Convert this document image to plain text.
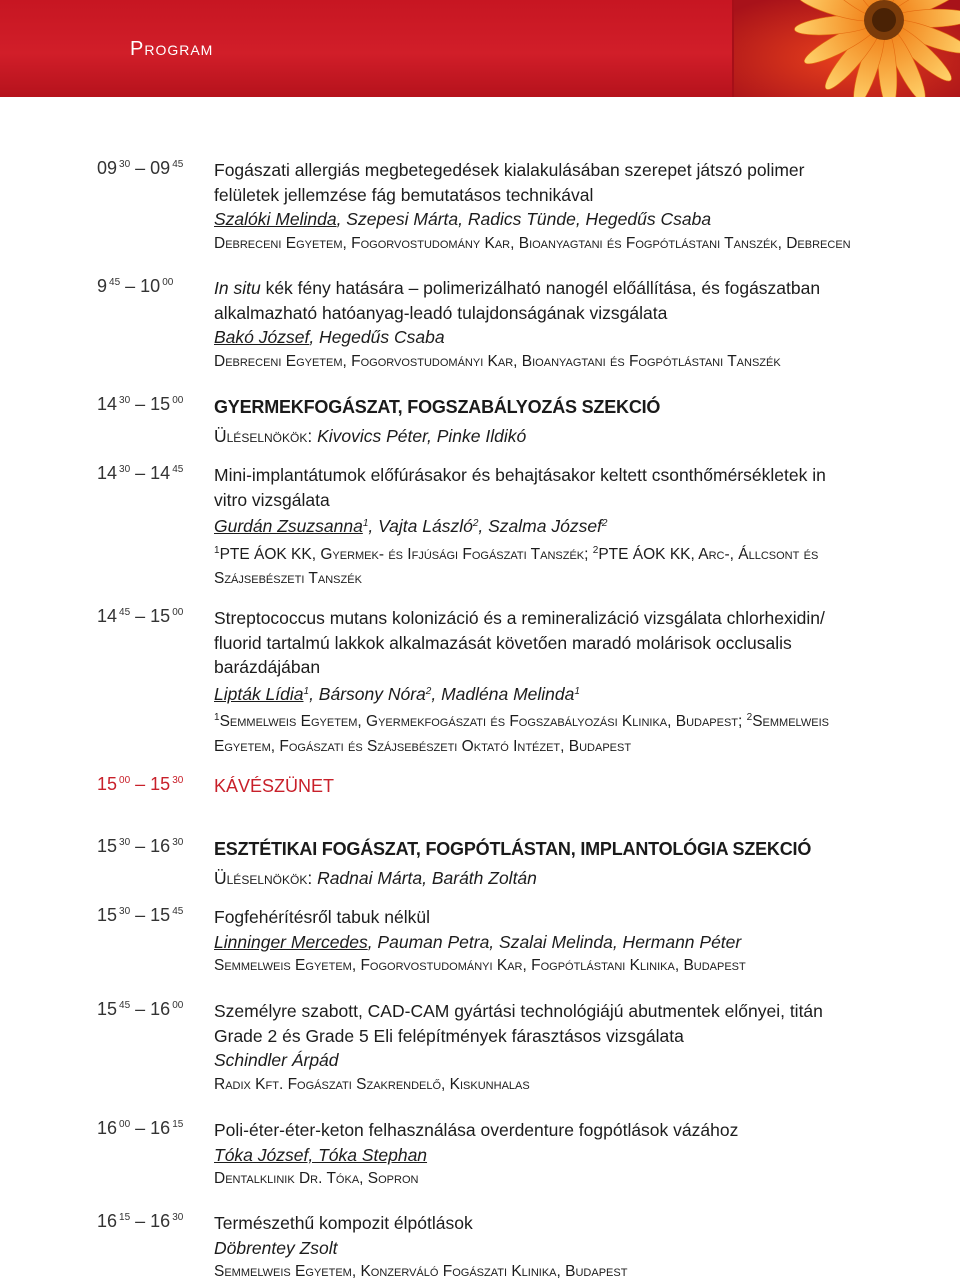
Program
09 $^{30}$ – 09 $^{45}$ Fogászati allergiás megbetegedések kialakulásában szerepet játszó polimer
felületek jellemzése fág bemutatásos technikával
Szalóki Melinda, Szepesi Márta, Radics Tünde, Hegedűs Csaba
Debreceni Egyetem, Fogorvostudomány Kar, Bioanyagtani és Fogpótlástani Tanszék, Debrecen
9 $^{45}$ – 10 $^{00}$ In situ kék fény hatására – polimerizálható nanogél előállítása, és fogászatban
alkalmazható hatóanyag-leadó tulajdonságának vizsgálata
Bakó József, Hegedűs Csaba
Debreceni Egyetem, Fogorvostudományi Kar, Bioanyagtani és Fogpótlástani Tanszék
14 $^{30}$ – 15 $^{00}$ GYERMEKFOGÁSZAT, FOGSZABÁLYOZÁS SZEKCIÓ
Üléselnökök: Kivovics Péter, Pinke Ildikó
14 $^{30}$ – 14 $^{45}$ Mini-implantátumok előfúrásakor és behajtásakor keltett csonthőmérsékletek in
vitro vizsgálata
Gurdán Zsuzsanna$^1$, Vajta László$^2$, Szalma József$^2$
$^1$PTE ÁOK KK, Gyermek- és Ifjúsági Fogászati Tanszék; $^2$PTE ÁOK KK, Arc-, Állcsont és
Szájsebészeti Tanszék
14 $^{45}$ – 15 $^{00}$ Streptococcus mutans kolonizáció és a remineralizáció vizsgálata chlorhexidin/
fluorid tartalmú lakkok alkalmazását követően maradó molárisok occlusalis
barázdájában
Lipták Lídia$^1$, Bársony Nóra$^2$, Madléna Melinda$^1$
$^1$Semmelweis Egyetem, Gyermekfogászati és Fogszabályozási Klinika, Budapest; $^2$Semmelweis
Egyetem, Fogászati és Szájsebészeti Oktató Intézet, Budapest
15 $^{00}$ – 15 $^{30}$ KÁVÉSZÜNET
15 $^{30}$ – 16 $^{30}$ ESZTÉTIKAI FOGÁSZAT, FOGPÓTLÁSTAN, IMPLANTOLÓGIA SZEKCIÓ
Üléselnökök: Radnai Márta, Baráth Zoltán
15 $^{30}$ – 15 $^{45}$ Fogfehérítésről tabuk nélkül
Linninger Mercedes, Pauman Petra, Szalai Melinda, Hermann Péter
Semmelweis Egyetem, Fogorvostudományi Kar, Fogpótlástani Klinika, Budapest
15 $^{45}$ – 16 $^{00}$ Személyre szabott, CAD-CAM gyártási technológiájú abutmentek előnyei, titán
Grade 2 és Grade 5 Eli felépítmények fárasztásos vizsgálata
Schindler Árpád
Radix Kft. Fogászati Szakrendelő, Kiskunhalas
16 $^{00}$ – 16 $^{15}$ Poli-éter-éter-keton felhasználása overdenture fogpótlások vázához
Tóka József, Tóka Stephan
Dentalklinik Dr. Tóka, Sopron
16 $^{15}$ – 16 $^{30}$ Természethű kompozit élpótlások
Döbrentey Zsolt
Semmelweis Egyetem, Konzerváló Fogászati Klinika, Budapest
